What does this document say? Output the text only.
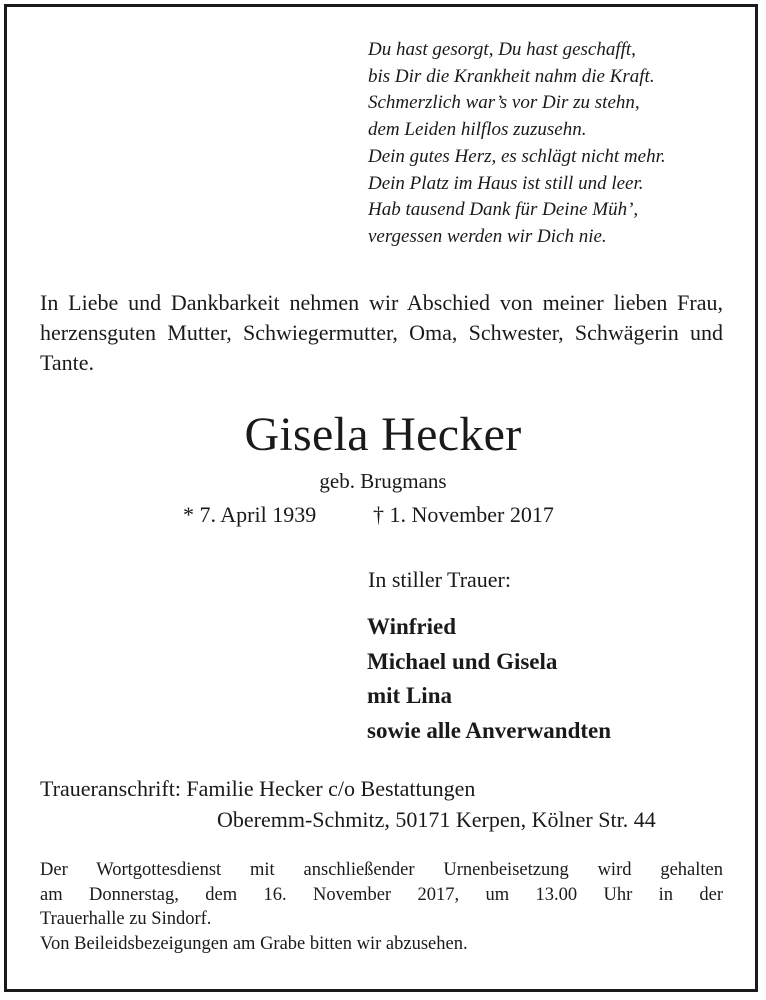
Du hast gesorgt, Du hast geschafft,
bis Dir die Krankheit nahm die Kraft.
Schmerzlich war’s vor Dir zu stehn,
dem Leiden hilflos zuzusehn.
Dein gutes Herz, es schlägt nicht mehr.
Dein Platz im Haus ist still und leer.
Hab tausend Dank für Deine Müh’,
vergessen werden wir Dich nie.
In Liebe und Dankbarkeit nehmen wir Abschied von meiner lieben Frau, herzensguten Mutter, Schwiegermutter, Oma, Schwester, Schwägerin und Tante.
Gisela Hecker
geb. Brugmans
* 7. April 1939	† 1. November 2017
In stiller Trauer:
Winfried
Michael und Gisela
mit Lina
sowie alle Anverwandten
Traueranschrift: Familie Hecker c/o Bestattungen
Oberemm-Schmitz, 50171 Kerpen, Kölner Str. 44

Der Wortgottesdienst mit anschließender Urnenbeisetzung wird gehalten

am Donnerstag, dem 16. November 2017, um 13.00 Uhr in der

Trauerhalle zu Sindorf.

Von Beileidsbezeigungen am Grabe bitten wir abzusehen.
